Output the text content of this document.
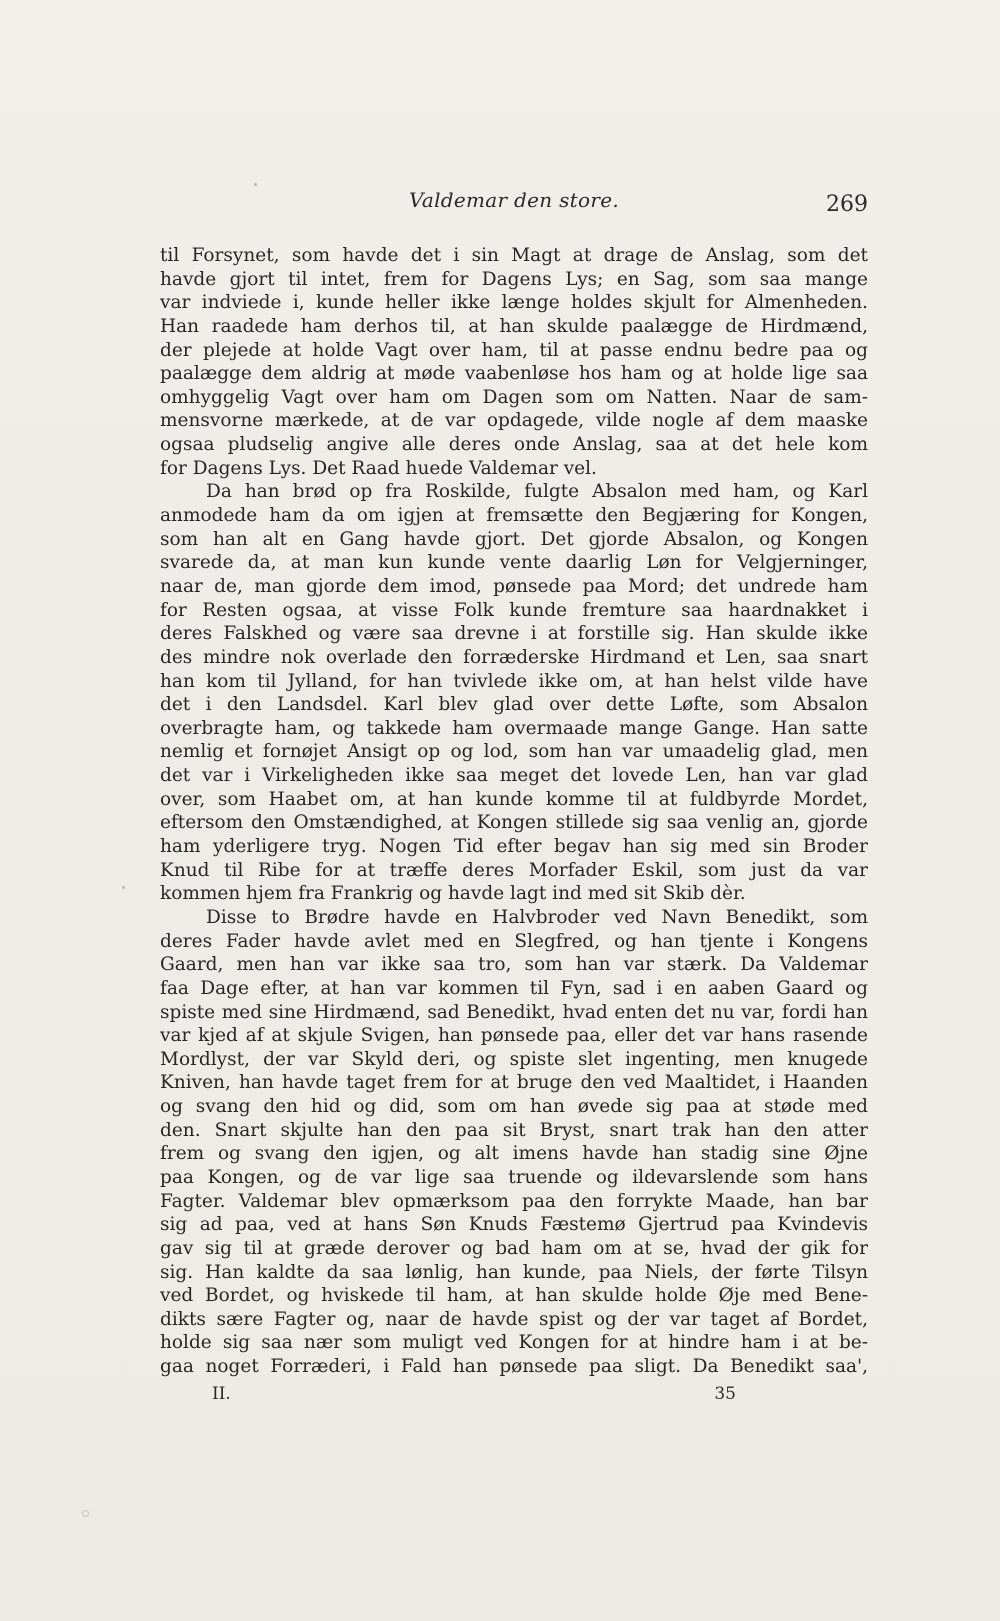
Valdemar den store.	269
til Forsynet, som havde det i sin Magt at drage de Anslag, som det
havde gjort til intet, frem for Dagens Lys; en Sag, som saa mange
var indviede i, kunde heller ikke længe holdes skjult for Almenheden.
Han raadede ham derhos til, at han skulde paalægge de Hirdmænd,
der plejede at holde Vagt over ham, til at passe endnu bedre paa og
paalægge dem aldrig at møde vaabenløse hos ham og at holde lige saa
omhyggelig Vagt over ham om Dagen som om Natten. Naar de sam-
mensvorne mærkede, at de var opdagede, vilde nogle af dem maaske
ogsaa pludselig angive alle deres onde Anslag, saa at det hele kom
for Dagens Lys. Det Raad huede Valdemar vel.
Da han brød op fra Roskilde, fulgte Absalon med ham, og Karl
anmodede ham da om igjen at fremsætte den Begjæring for Kongen,
som han alt en Gang havde gjort. Det gjorde Absalon, og Kongen
svarede da, at man kun kunde vente daarlig Løn for Velgjerninger,
naar de, man gjorde dem imod, pønsede paa Mord; det undrede ham
for Resten ogsaa, at visse Folk kunde fremture saa haardnakket i
deres Falskhed og være saa drevne i at forstille sig. Han skulde ikke
des mindre nok overlade den forræderske Hirdmand et Len, saa snart
han kom til Jylland, for han tvivlede ikke om, at han helst vilde have
det i den Landsdel. Karl blev glad over dette Løfte, som Absalon
overbragte ham, og takkede ham overmaade mange Gange. Han satte
nemlig et fornøjet Ansigt op og lod, som han var umaadelig glad, men
det var i Virkeligheden ikke saa meget det lovede Len, han var glad
over, som Haabet om, at han kunde komme til at fuldbyrde Mordet,
eftersom den Omstændighed, at Kongen stillede sig saa venlig an, gjorde
ham yderligere tryg. Nogen Tid efter begav han sig med sin Broder
Knud til Ribe for at træffe deres Morfader Eskil, som just da var
kommen hjem fra Frankrig og havde lagt ind med sit Skib dèr.
Disse to Brødre havde en Halvbroder ved Navn Benedikt, som
deres Fader havde avlet med en Slegfred, og han tjente i Kongens
Gaard, men han var ikke saa tro, som han var stærk. Da Valdemar
faa Dage efter, at han var kommen til Fyn, sad i en aaben Gaard og
spiste med sine Hirdmænd, sad Benedikt, hvad enten det nu var, fordi han
var kjed af at skjule Svigen, han pønsede paa, eller det var hans rasende
Mordlyst, der var Skyld deri, og spiste slet ingenting, men knugede
Kniven, han havde taget frem for at bruge den ved Maaltidet, i Haanden
og svang den hid og did, som om han øvede sig paa at støde med
den. Snart skjulte han den paa sit Bryst, snart trak han den atter
frem og svang den igjen, og alt imens havde han stadig sine Øjne
paa Kongen, og de var lige saa truende og ildevarslende som hans
Fagter. Valdemar blev opmærksom paa den forrykte Maade, han bar
sig ad paa, ved at hans Søn Knuds Fæstemø Gjertrud paa Kvindevis
gav sig til at græde derover og bad ham om at se, hvad der gik for
sig. Han kaldte da saa lønlig, han kunde, paa Niels, der førte Tilsyn
ved Bordet, og hviskede til ham, at han skulde holde Øje med Bene-
dikts sære Fagter og, naar de havde spist og der var taget af Bordet,
holde sig saa nær som muligt ved Kongen for at hindre ham i at be-
gaa noget Forræderi, i Fald han pønsede paa sligt. Da Benedikt saa',
II.	35
